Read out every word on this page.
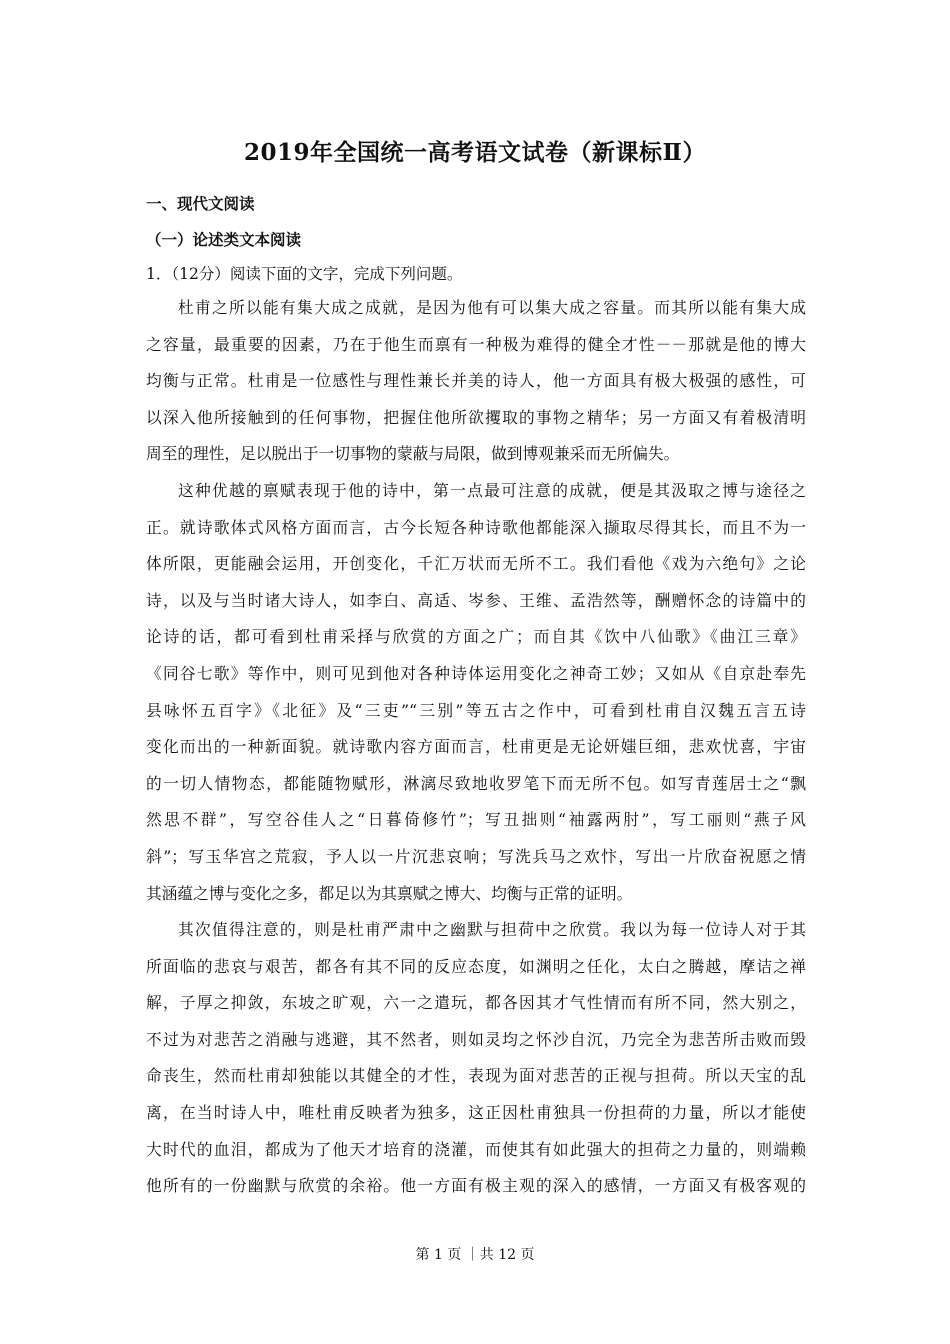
2019年全国统一高考语文试卷（新课标Ⅱ）
一、现代文阅读
（一）论述类文本阅读
1．（12分）阅读下面的文字，完成下列问题。
杜甫之所以能有集大成之成就，是因为他有可以集大成之容量。而其所以能有集大成
之容量，最重要的因素，乃在于他生而禀有一种极为难得的健全才性－－那就是他的博大
均衡与正常。杜甫是一位感性与理性兼长并美的诗人，他一方面具有极大极强的感性，可
以深入他所接触到的任何事物，把握住他所欲攫取的事物之精华；另一方面又有着极清明
周至的理性，足以脱出于一切事物的蒙蔽与局限，做到博观兼采而无所偏失。
这种优越的禀赋表现于他的诗中，第一点最可注意的成就，便是其汲取之博与途径之
正。就诗歌体式风格方面而言，古今长短各种诗歌他都能深入撷取尽得其长，而且不为一
体所限，更能融会运用，开创变化，千汇万状而无所不工。我们看他《戏为六绝句》之论
诗，以及与当时诸大诗人，如李白、高适、岑参、王维、孟浩然等，酬赠怀念的诗篇中的
论诗的话，都可看到杜甫采择与欣赏的方面之广；而自其《饮中八仙歌》《曲江三章》
《同谷七歌》等作中，则可见到他对各种诗体运用变化之神奇工妙；又如从《自京赴奉先
县咏怀五百字》《北征》及“三吏”“三别”等五古之作中，可看到杜甫自汉魏五言五诗
变化而出的一种新面貌。就诗歌内容方面而言，杜甫更是无论妍媸巨细，悲欢忧喜，宇宙
的一切人情物态，都能随物赋形，淋漓尽致地收罗笔下而无所不包。如写青莲居士之“飘
然思不群”，写空谷佳人之“日暮倚修竹”；写丑拙则“袖露两肘”，写工丽则“燕子风
斜”；写玉华宫之荒寂，予人以一片沉悲哀响；写洗兵马之欢忭，写出一片欣奋祝愿之情
其涵蕴之博与变化之多，都足以为其禀赋之博大、均衡与正常的证明。
其次值得注意的，则是杜甫严肃中之幽默与担荷中之欣赏。我以为每一位诗人对于其
所面临的悲哀与艰苦，都各有其不同的反应态度，如渊明之任化，太白之腾越，摩诘之禅
解，子厚之抑敛，东坡之旷观，六一之遣玩，都各因其才气性情而有所不同，然大别之，
不过为对悲苦之消融与逃避，其不然者，则如灵均之怀沙自沉，乃完全为悲苦所击败而毁
命丧生，然而杜甫却独能以其健全的才性，表现为面对悲苦的正视与担荷。所以天宝的乱
离，在当时诗人中，唯杜甫反映者为独多，这正因杜甫独具一份担荷的力量，所以才能使
大时代的血泪，都成为了他天才培育的浇灌，而使其有如此强大的担荷之力量的，则端赖
他所有的一份幽默与欣赏的余裕。他一方面有极主观的深入的感情，一方面又有极客观的
第 1 页 ｜共 12 页
